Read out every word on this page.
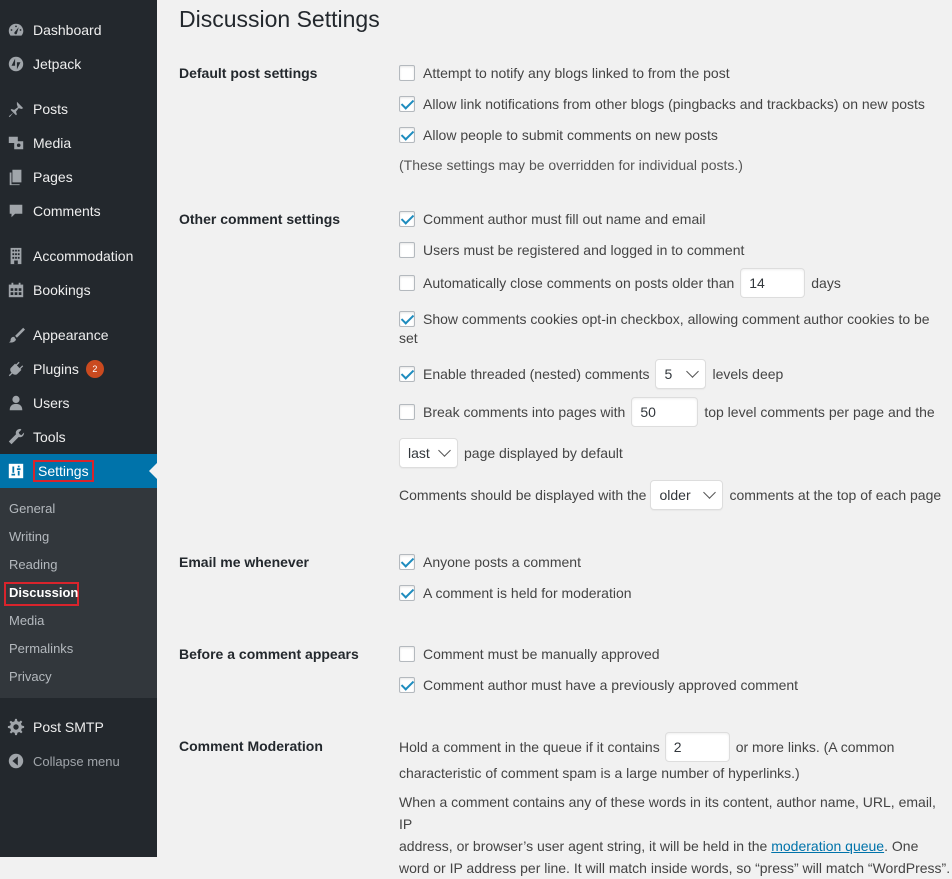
Dashboard
Jetpack
Posts
Media
Pages
Comments
Accommodation
Bookings
Appearance
Plugins	2
Users
Tools
Settings
General
Writing
Reading
Discussion
Media
Permalinks
Privacy
Post SMTP
Collapse menu
Discussion Settings
Default post settings	Attempt to notify any blogs linked to from the post
Allow link notifications from other blogs (pingbacks and trackbacks) on new posts
Allow people to submit comments on new posts
(These settings may be overridden for individual posts.)
Other comment settings	Comment author must fill out name and email
Users must be registered and logged in to comment
Automatically close comments on posts older than	14	days
Show comments cookies opt-in checkbox, allowing comment author cookies to be
set
Enable threaded (nested) comments 5	levels deep
Break comments into pages with	50	top level comments per page and the
last page displayed by default
Comments should be displayed with the older	comments at the top of each page
Email me whenever	Anyone posts a comment
A comment is held for moderation
Before a comment appears	Comment must be manually approved
Comment author must have a previously approved comment
Comment Moderation	Hold a comment in the queue if it contains	2	or more links. (A common
characteristic of comment spam is a large number of hyperlinks.)
When a comment contains any of these words in its content, author name, URL, email, IP
address, or browser’s user agent string, it will be held in the moderation queue. One
word or IP address per line. It will match inside words, so “press” will match “WordPress”.
